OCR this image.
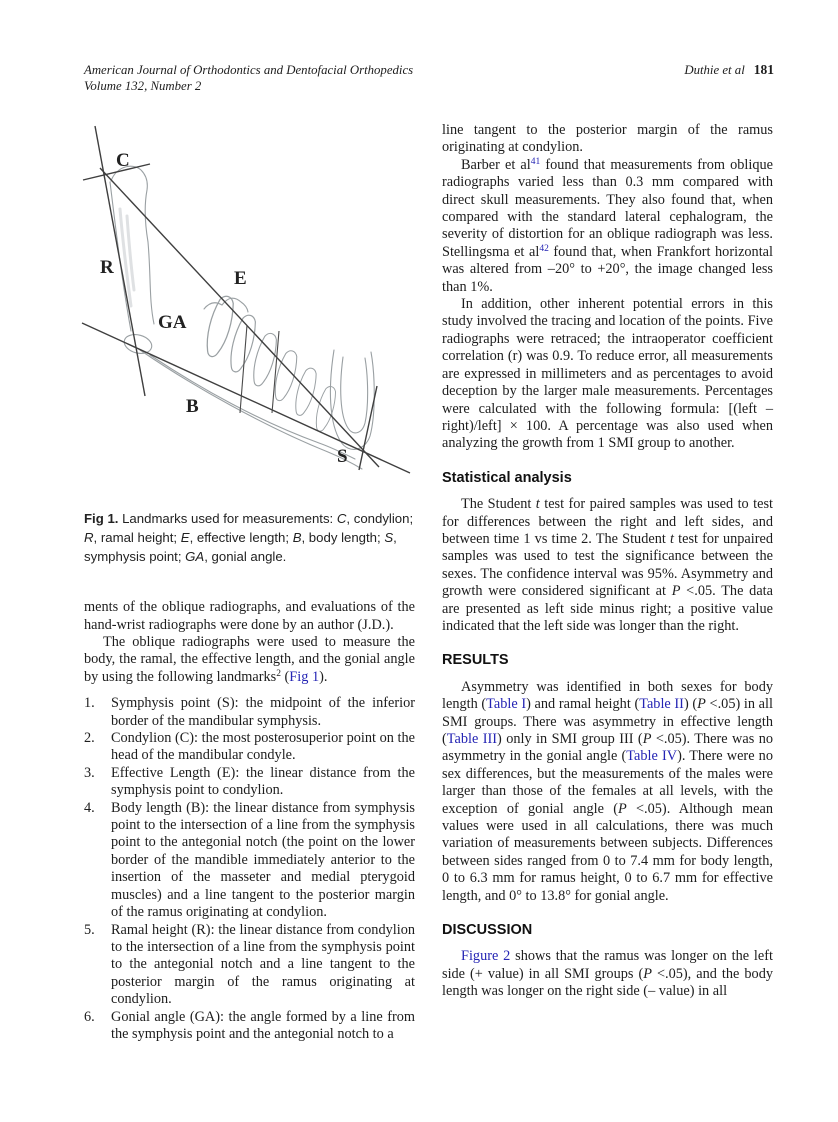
American Journal of Orthodontics and Dentofacial Orthopedics
Volume 132, Number 2
Duthie et al 181
C
R
E
GA
B
S
Fig 1. Landmarks used for measurements: C, condylion; R, ramal height; E, effective length; B, body length; S, symphysis point; GA, gonial angle.

ments of the oblique radiographs, and evaluations of the hand-wrist radiographs were done by an author (J.D.).

The oblique radiographs were used to measure the body, the ramal, the effective length, and the gonial angle by using the following landmarks$^2$ (Fig 1).

1.	Symphysis point (S): the midpoint of the inferior border of the mandibular symphysis.
2.	Condylion (C): the most posterosuperior point on the head of the mandibular condyle.
3.	Effective Length (E): the linear distance from the symphysis point to condylion.
4.	Body length (B): the linear distance from symphysis point to the intersection of a line from the symphysis point to the antegonial notch (the point on the lower border of the mandible immediately anterior to the insertion of the masseter and medial pterygoid muscles) and a line tangent to the posterior margin of the ramus originating at condylion.
5.	Ramal height (R): the linear distance from condylion to the intersection of a line from the symphysis point to the antegonial notch and a line tangent to the posterior margin of the ramus originating at condylion.
6.	Gonial angle (GA): the angle formed by a line from the symphysis point and the antegonial notch to a

line tangent to the posterior margin of the ramus originating at condylion.

Barber et $al^{41}$ found that measurements from oblique radiographs varied less than 0.3 mm compared with direct skull measurements. They also found that, when compared with the standard lateral cephalogram, the severity of distortion for an oblique radiograph was less. Stellingsma et $al^{42}$ found that, when Frankfort horizontal was altered from –20° to +20°, the image changed less than 1%.

In addition, other inherent potential errors in this study involved the tracing and location of the points. Five radiographs were retraced; the intraoperator coefficient correlation (r) was 0.9. To reduce error, all measurements are expressed in millimeters and as percentages to avoid deception by the larger male measurements. Percentages were calculated with the following formula: [(left – right)/left] × 100. A percentage was also used when analyzing the growth from 1 SMI group to another.

Statistical analysis

The Student t test for paired samples was used to test for differences between the right and left sides, and between time 1 vs time 2. The Student t test for unpaired samples was used to test the significance between the sexes. The confidence interval was 95%. Asymmetry and growth were considered significant at P <.05. The data are presented as left side minus right; a positive value indicated that the left side was longer than the right.

RESULTS

Asymmetry was identified in both sexes for body length (Table I) and ramal height (Table II) (P <.05) in all SMI groups. There was asymmetry in effective length (Table III) only in SMI group III (P <.05). There was no asymmetry in the gonial angle (Table IV). There were no sex differences, but the measurements of the males were larger than those of the females at all levels, with the exception of gonial angle (P <.05). Although mean values were used in all calculations, there was much variation of measurements between subjects. Differences between sides ranged from 0 to 7.4 mm for body length, 0 to 6.3 mm for ramus height, 0 to 6.7 mm for effective length, and 0° to 13.8° for gonial angle.

DISCUSSION

Figure 2 shows that the ramus was longer on the left side (+ value) in all SMI groups (P <.05), and the body length was longer on the right side (– value) in all
